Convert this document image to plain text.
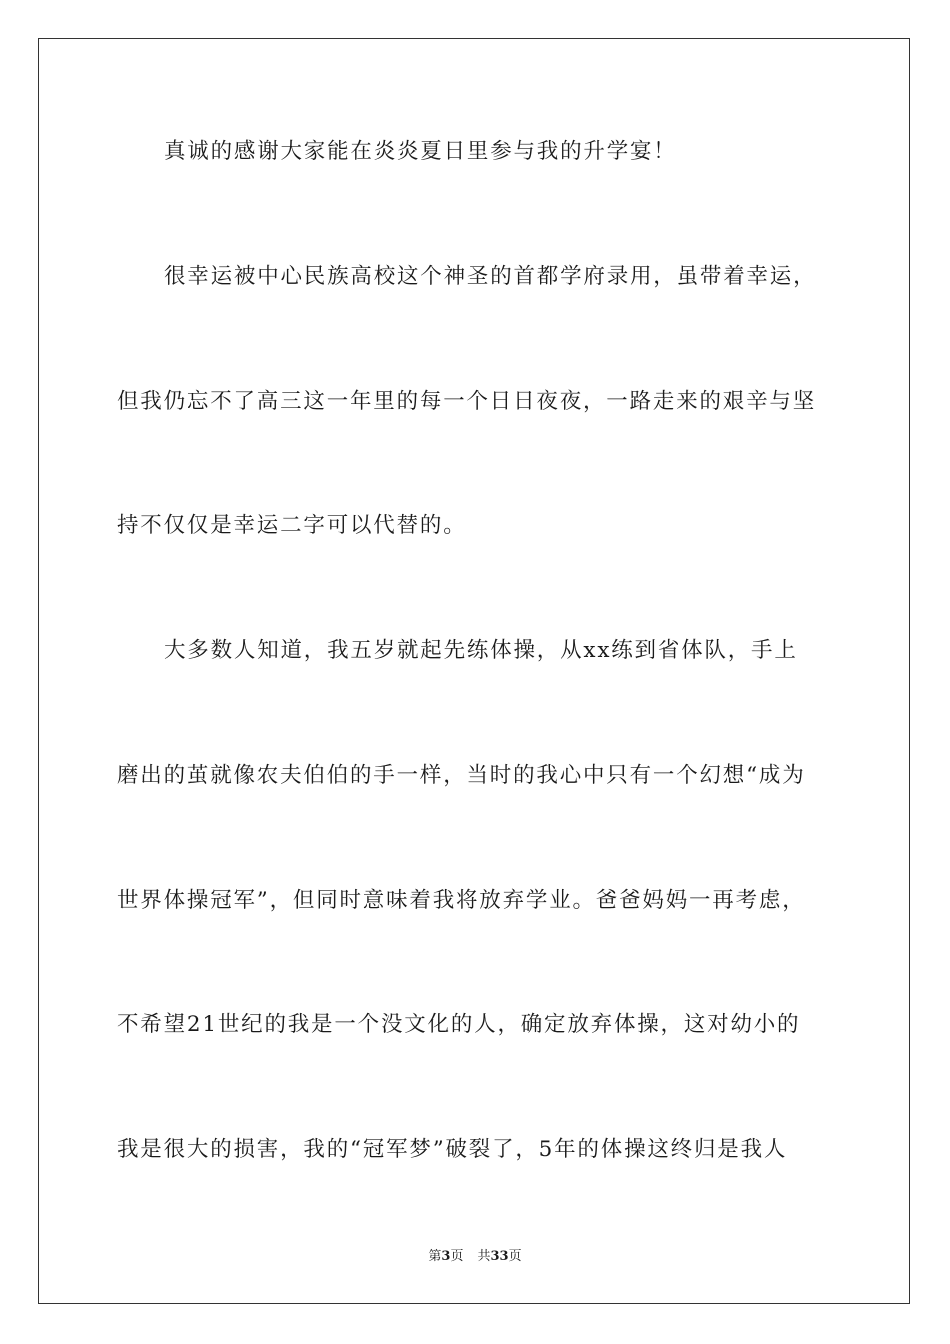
真诚的感谢大家能在炎炎夏日里参与我的升学宴！
很幸运被中心民族高校这个神圣的首都学府录用，虽带着幸运，
但我仍忘不了高三这一年里的每一个日日夜夜，一路走来的艰辛与坚
持不仅仅是幸运二字可以代替的。
大多数人知道，我五岁就起先练体操，从xx练到省体队，手上
磨出的茧就像农夫伯伯的手一样，当时的我心中只有一个幻想“成为
世界体操冠军”，但同时意味着我将放弃学业。爸爸妈妈一再考虑，
不希望21世纪的我是一个没文化的人，确定放弃体操，这对幼小的
我是很大的损害，我的“冠军梦”破裂了，5年的体操这终归是我人
第3页 共33页
